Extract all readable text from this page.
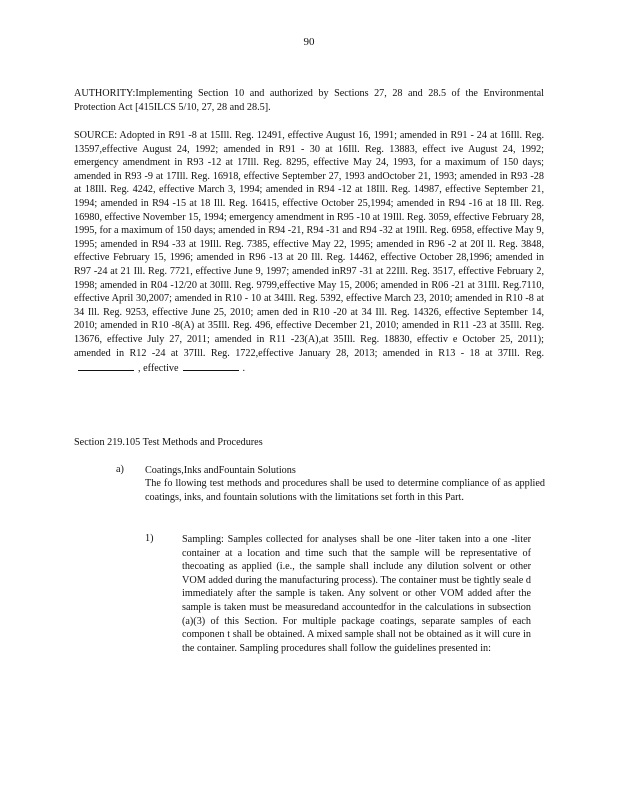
90
AUTHORITY:Implementing Section 10 and authorized by Sections 27, 28 and 28.5 of the Environmental Protection Act [415ILCS 5/10, 27, 28 and 28.5].
SOURCE: Adopted in R91 -8 at 15Ill. Reg. 12491, effective August 16, 1991; amended in R91 - 24 at 16Ill. Reg. 13597,effective August 24, 1992; amended in R91 - 30 at 16Ill. Reg. 13883, effect ive August 24, 1992; emergency amendment in R93 -12 at 17Ill. Reg. 8295, effective May 24, 1993, for a maximum of 150 days; amended in R93 -9 at 17Ill. Reg. 16918, effective September 27, 1993 andOctober 21, 1993; amended in R93 -28 at 18Ill. Reg. 4242, effective March 3, 1994; amended in R94 -12 at 18Ill. Reg. 14987, effective September 21, 1994; amended in R94 -15 at 18 Ill. Reg. 16415, effective October 25,1994; amended in R94 -16 at 18 Ill. Reg. 16980, effective November 15, 1994; emergency amendment in R95 -10 at 19Ill. Reg. 3059, effective February 28, 1995, for a maximum of 150 days; amended in R94 -21, R94 -31 and R94 -32 at 19Ill. Reg. 6958, effective May 9, 1995; amended in R94 -33 at 19Ill. Reg. 7385, effective May 22, 1995; amended in R96 -2 at 20I ll. Reg. 3848, effective February 15, 1996; amended in R96 -13 at 20 Ill. Reg. 14462, effective October 28,1996; amended in R97 -24 at 21 Ill. Reg. 7721, effective June 9, 1997; amended inR97 -31 at 22Ill. Reg. 3517, effective February 2, 1998; amended in R04 -12/20 at 30Ill. Reg. 9799,effective May 15, 2006; amended in R06 -21 at 31Ill. Reg.7110, effective April 30,2007; amended in R10 - 10 at 34Ill. Reg. 5392, effective March 23, 2010; amended in R10 -8 at 34 Ill. Reg. 9253, effective June 25, 2010; amen ded in R10 -20 at 34 Ill. Reg. 14326, effective September 14, 2010; amended in R10 -8(A) at 35Ill. Reg. 496, effective December 21, 2010; amended in R11 -23 at 35Ill. Reg. 13676, effective July 27, 2011; amended in R11 -23(A),at 35Ill. Reg. 18830, effectiv e October 25, 2011); amended in R12 -24 at 37Ill. Reg. 1722,effective January 28, 2013; amended in R13 - 18 at 37Ill. Reg., effective	.
Section 219.105 Test Methods and Procedures
a) Coatings,Inks andFountain Solutions
The fo llowing test methods and procedures shall be used to determine compliance of as applied coatings, inks, and fountain solutions with the limitations set forth in this Part.
1)	Sampling: Samples collected for analyses shall be one -liter taken into a one -liter container at a location and time such that the sample will be representative of thecoating as applied (i.e., the sample shall include any dilution solvent or other VOM added during the manufacturing process). The container must be tightly seale d immediately after the sample is taken. Any solvent or other VOM added after the sample is taken must be measuredand accountedfor in the calculations in subsection (a)(3) of this Section. For multiple package coatings, separate samples of each componen t shall be obtained. A mixed sample shall not be obtained as it will cure in the container. Sampling procedures shall follow the guidelines presented in:
